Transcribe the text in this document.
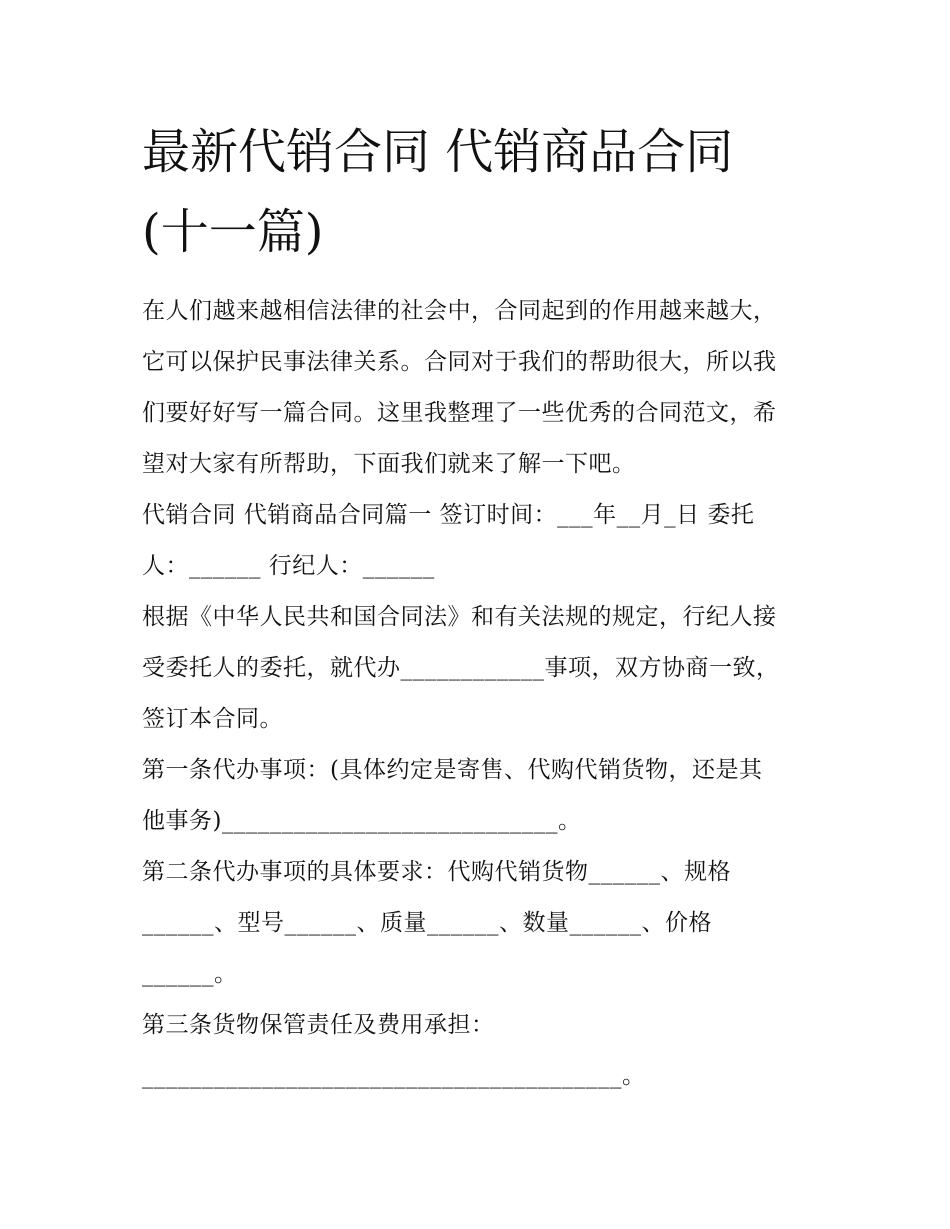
最新代销合同 代销商品合同
(十一篇)

在人们越来越相信法律的社会中，合同起到的作用越来越大，
它可以保护民事法律关系。合同对于我们的帮助很大，所以我
们要好好写一篇合同。这里我整理了一些优秀的合同范文，希
望对大家有所帮助，下面我们就来了解一下吧。

代销合同 代销商品合同篇一 签订时间：___年__月_日 委托
人：______ 行纪人：______

根据《中华人民共和国合同法》和有关法规的规定，行纪人接
受委托人的委托，就代办____________事项，双方协商一致，
签订本合同。

第一条代办事项：(具体约定是寄售、代购代销货物，还是其
他事务)____________________________。

第二条代办事项的具体要求：代购代销货物______、规格
______、型号______、质量______、数量______、价格
______。

第三条货物保管责任及费用承担：
________________________________________。
